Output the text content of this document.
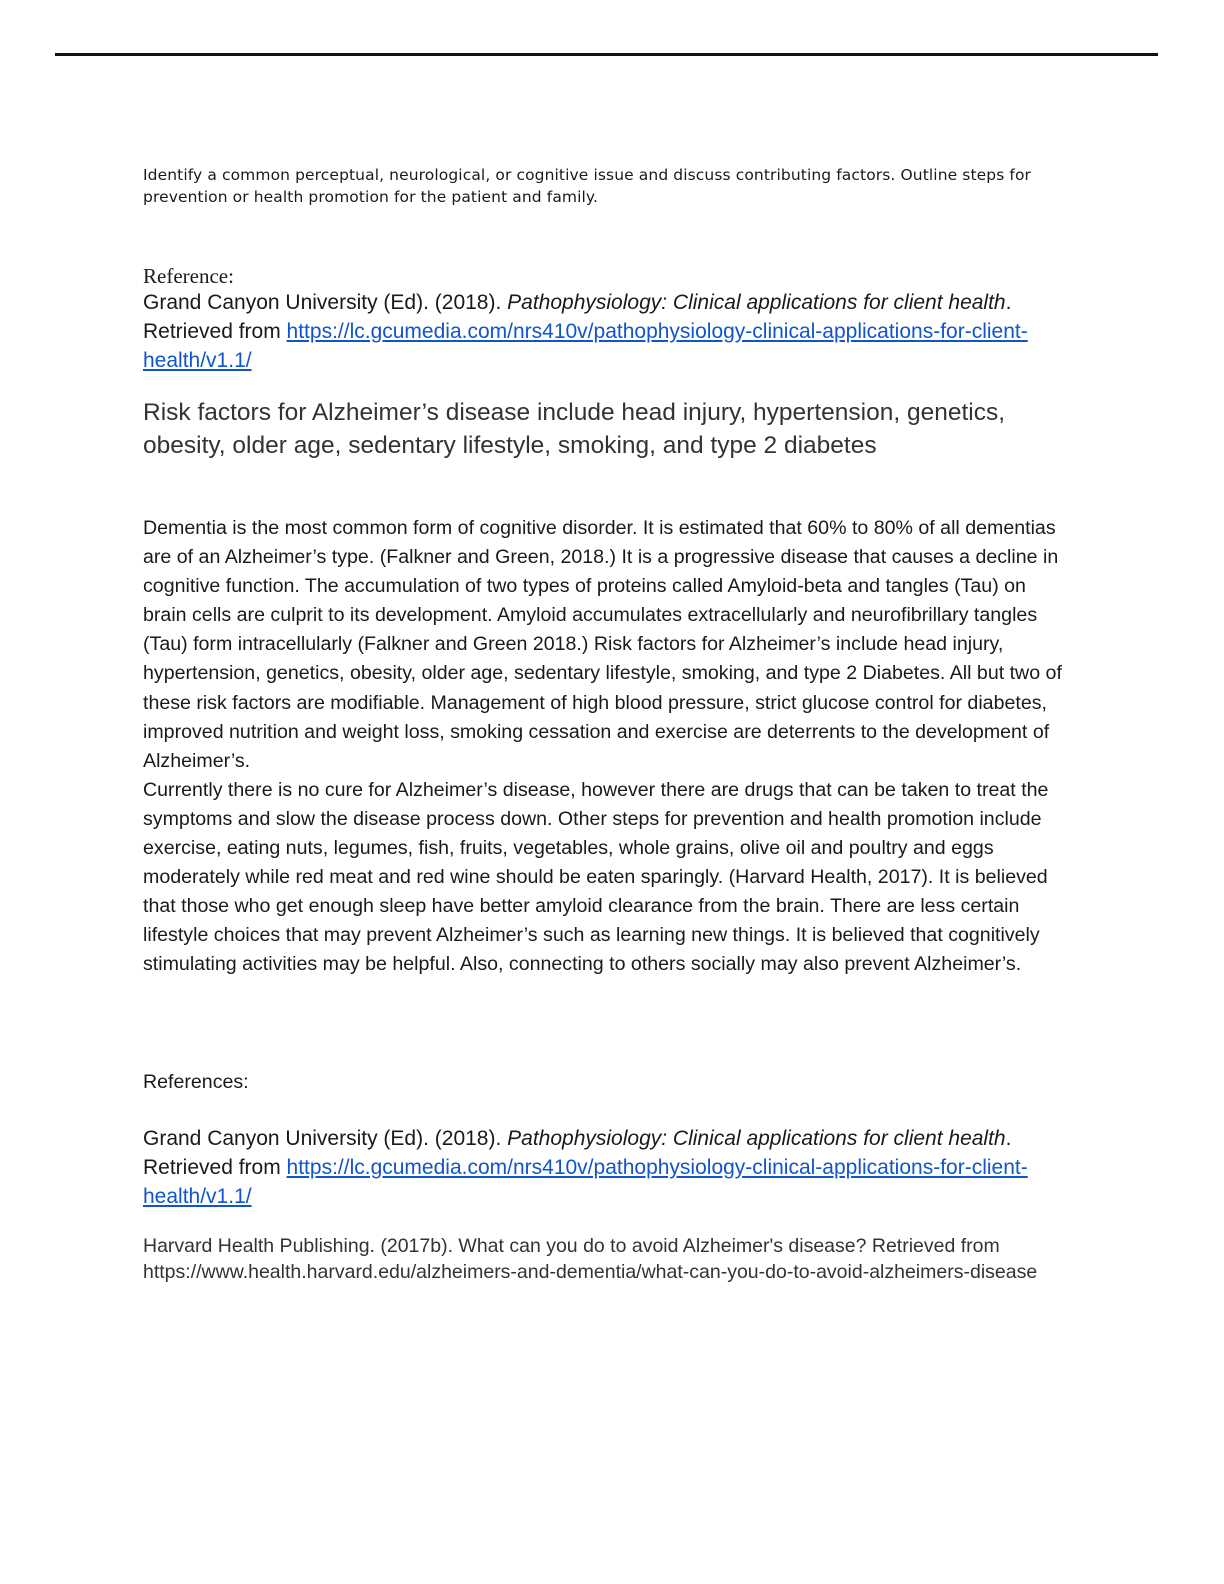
Identify a common perceptual, neurological, or cognitive issue and discuss contributing factors. Outline steps for prevention or health promotion for the patient and family.
Reference:
Grand Canyon University (Ed). (2018). Pathophysiology: Clinical applications for client health. Retrieved from https://lc.gcumedia.com/nrs410v/pathophysiology-clinical-applications-for-client-health/v1.1/
Risk factors for Alzheimer’s disease include head injury, hypertension, genetics, obesity, older age, sedentary lifestyle, smoking, and type 2 diabetes

Dementia is the most common form of cognitive disorder. It is estimated that 60% to 80% of all dementias are of an Alzheimer’s type. (Falkner and Green, 2018.) It is a progressive disease that causes a decline in cognitive function. The accumulation of two types of proteins called Amyloid-beta and tangles (Tau) on brain cells are culprit to its development. Amyloid accumulates extracellularly and neurofibrillary tangles (Tau) form intracellularly (Falkner and Green 2018.) Risk factors for Alzheimer’s include head injury, hypertension, genetics, obesity, older age, sedentary lifestyle, smoking, and type 2 Diabetes. All but two of these risk factors are modifiable. Management of high blood pressure, strict glucose control for diabetes, improved nutrition and weight loss, smoking cessation and exercise are deterrents to the development of Alzheimer’s.

Currently there is no cure for Alzheimer’s disease, however there are drugs that can be taken to treat the symptoms and slow the disease process down. Other steps for prevention and health promotion include exercise, eating nuts, legumes, fish, fruits, vegetables, whole grains, olive oil and poultry and eggs moderately while red meat and red wine should be eaten sparingly. (Harvard Health, 2017). It is believed that those who get enough sleep have better amyloid clearance from the brain. There are less certain lifestyle choices that may prevent Alzheimer’s such as learning new things. It is believed that cognitively stimulating activities may be helpful. Also, connecting to others socially may also prevent Alzheimer’s.

References:
Grand Canyon University (Ed). (2018). Pathophysiology: Clinical applications for client health. Retrieved from https://lc.gcumedia.com/nrs410v/pathophysiology-clinical-applications-for-client-health/v1.1/
Harvard Health Publishing. (2017b). What can you do to avoid Alzheimer's disease? Retrieved from https://www.health.harvard.edu/alzheimers-and-dementia/what-can-you-do-to-avoid-alzheimers-disease
